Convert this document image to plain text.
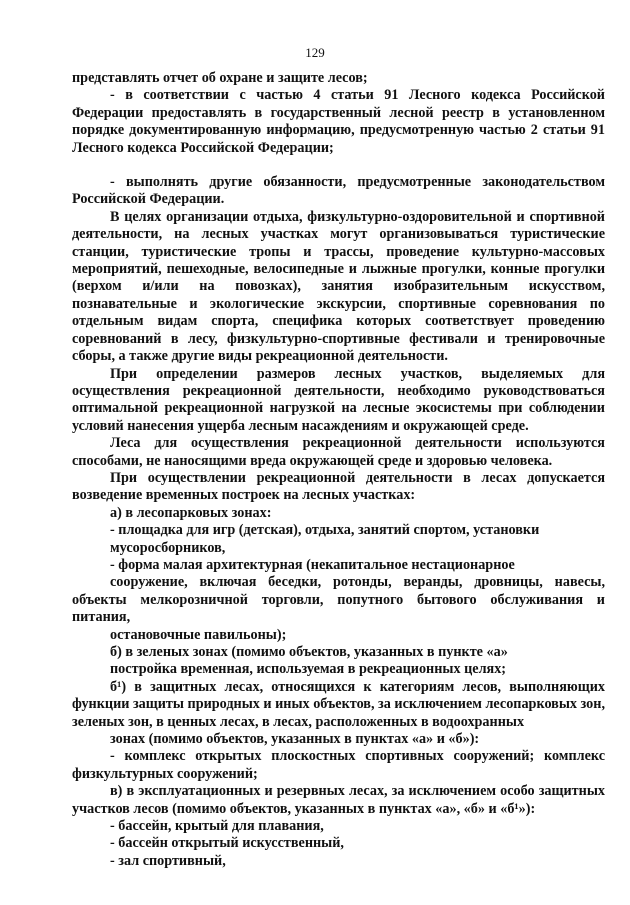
129
представлять отчет об охране и защите лесов;
- в соответствии с частью 4 статьи 91 Лесного кодекса Российской Федерации предоставлять в государственный лесной реестр в установленном порядке документированную информацию, предусмотренную частью 2 статьи 91 Лесного кодекса Российской Федерации;
- выполнять другие обязанности, предусмотренные законодательством Российской Федерации.
В целях организации отдыха, физкультурно-оздоровительной и спортивной деятельности, на лесных участках могут организовываться туристические станции, туристические тропы и трассы, проведение культурно-массовых мероприятий, пешеходные, велосипедные и лыжные прогулки, конные прогулки (верхом и/или на повозках), занятия изобразительным искусством, познавательные и экологические экскурсии, спортивные соревнования по отдельным видам спорта, специфика которых соответствует проведению соревнований в лесу, физкультурно-спортивные фестивали и тренировочные сборы, а также другие виды рекреационной деятельности.
При определении размеров лесных участков, выделяемых для осуществления рекреационной деятельности, необходимо руководствоваться оптимальной рекреационной нагрузкой на лесные экосистемы при соблюдении условий нанесения ущерба лесным насаждениям и окружающей среде.
Леса для осуществления рекреационной деятельности используются способами, не наносящими вреда окружающей среде и здоровью человека.
При осуществлении рекреационной деятельности в лесах допускается возведение временных построек на лесных участках:
а) в лесопарковых зонах:
- площадка для игр (детская), отдыха, занятий спортом, установки
мусоросборников,
- форма малая архитектурная (некапитальное нестационарное
сооружение, включая беседки, ротонды, веранды, дровницы, навесы, объекты мелкорозничной торговли, попутного бытового обслуживания и питания,
остановочные павильоны);
б) в зеленых зонах (помимо объектов, указанных в пункте «а»
постройка временная, используемая в рекреационных целях;
б¹) в защитных лесах, относящихся к категориям лесов, выполняющих функции защиты природных и иных объектов, за исключением лесопарковых зон, зеленых зон, в ценных лесах, в лесах, расположенных в водоохранных
зонах (помимо объектов, указанных в пунктах «а» и «б»):
- комплекс открытых плоскостных спортивных сооружений; комплекс физкультурных сооружений;
в) в эксплуатационных и резервных лесах, за исключением особо защитных участков лесов (помимо объектов, указанных в пунктах «а», «б» и «б¹»):
- бассейн, крытый для плавания,
- бассейн открытый искусственный,
- зал спортивный,
